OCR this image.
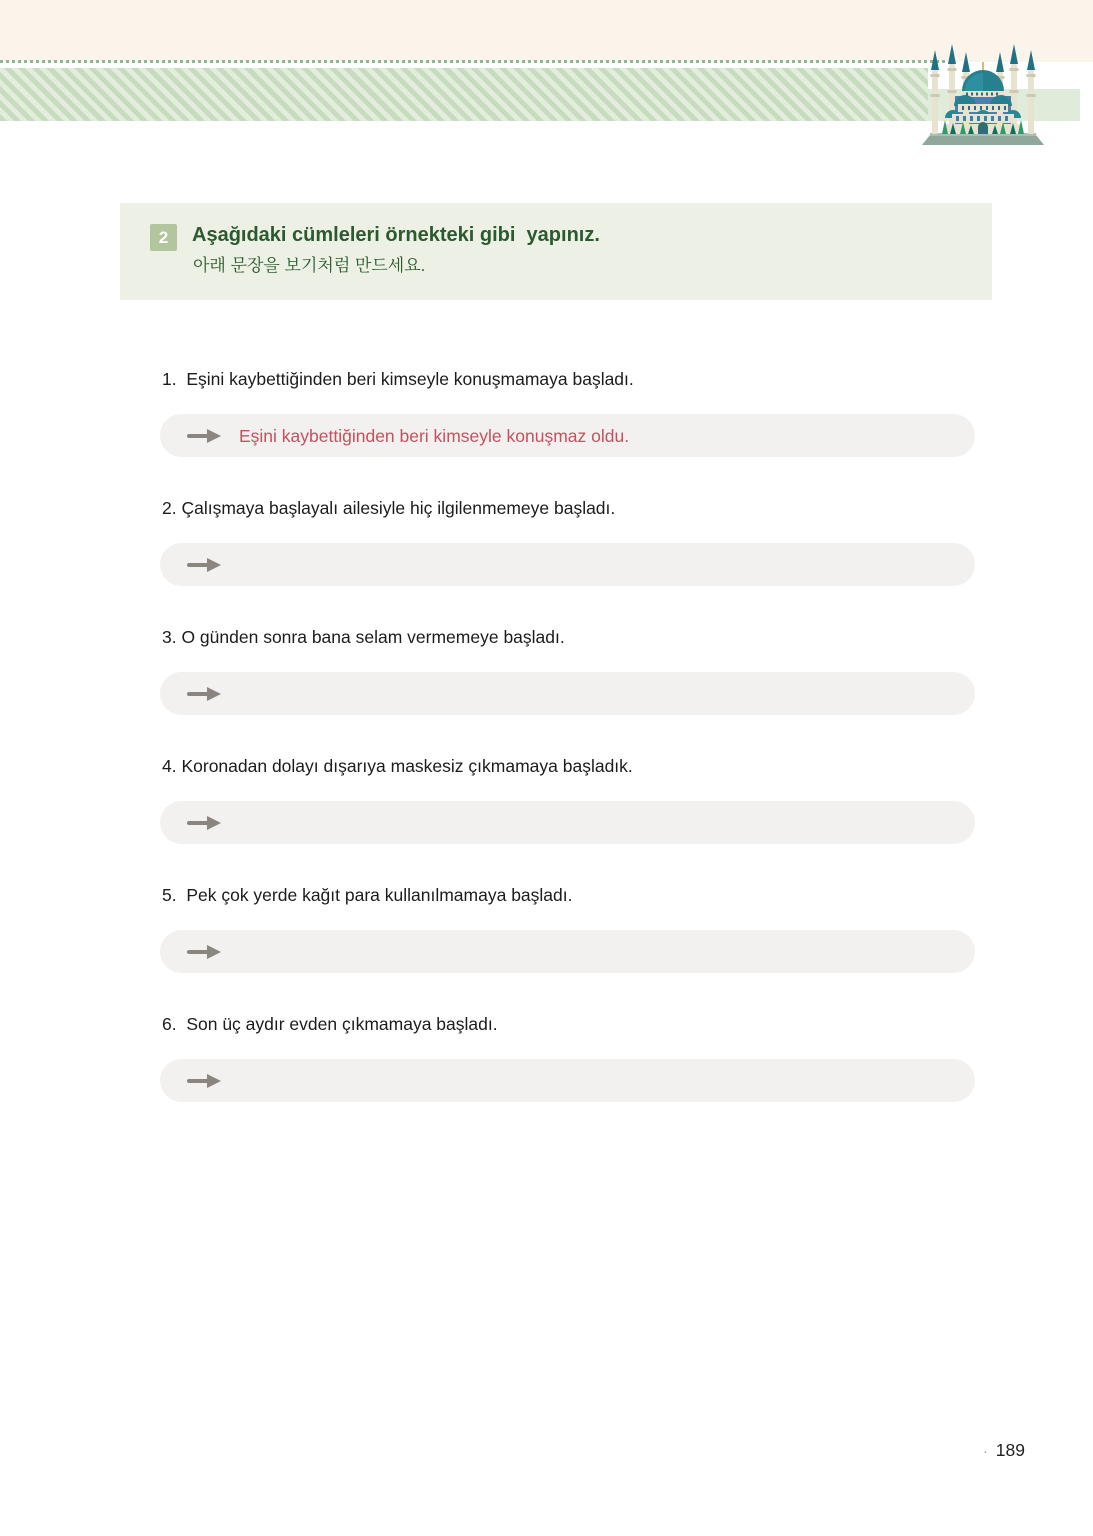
2	Aşağıdaki cümleleri örnekteki gibi  yapınız.

아래 문장을 보기처럼 만드세요.

1.  Eşini kaybettiğinden beri kimseyle konuşmamaya başladı.

Eşini kaybettiğinden beri kimseyle konuşmaz oldu.

2. Çalışmaya başlayalı ailesiyle hiç ilgilenmemeye başladı.

3. O günden sonra bana selam vermemeye başladı.

4. Koronadan dolayı dışarıya maskesiz çıkmamaya başladık.

5.  Pek çok yerde kağıt para kullanılmamaya başladı.

6.  Son üç aydır evden çıkmamaya başladı.

· 189
